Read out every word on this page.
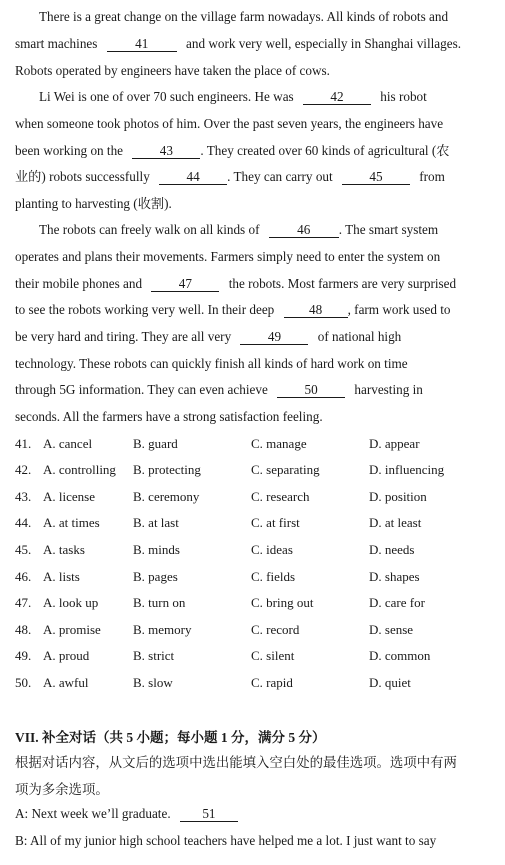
There is a great change on the village farm nowadays. All kinds of robots and
smart machines	41	and work very well, especially in Shanghai villages.
Robots operated by engineers have taken the place of cows.
Li Wei is one of over 70 such engineers. He was	42	his robot
when someone took photos of him. Over the past seven years, the engineers have
been working on the	43 . They created over 60 kinds of agricultural (农
业的) robots successfully	44 . They can carry out	45	from
planting to harvesting (收割).
The robots can freely walk on all kinds of	46 . The smart system
operates and plans their movements. Farmers simply need to enter the system on
their mobile phones and	47	the robots. Most farmers are very surprised
to see the robots working very well. In their deep	48 , farm work used to
be very hard and tiring. They are all very	49	of national high
technology. These robots can quickly finish all kinds of hard work on time
through 5G information. They can even achieve	50	harvesting in
seconds. All the farmers have a strong satisfaction feeling.
41. A. cancel	B. guard	C. manage	D. appear
42. A. controlling B. protecting	C. separating	D. influencing
43. A. license	B. ceremony	C. research	D. position
44. A. at times	B. at last	C. at first	D. at least
45. A. tasks	B. minds	C. ideas	D. needs
46. A. lists	B. pages	C. fields	D. shapes
47. A. look up	B. turn on	C. bring out	D. care for
48. A. promise B. memory	C. record	D. sense
49. A. proud	B. strict	C. silent	D. common
50. A. awful	B. slow	C. rapid	D. quiet
VII. 补全对话（共 5 小题；每小题 1 分，满分 5 分）
根据对话内容，从文后的选项中选出能填入空白处的最佳选项。选项中有两
项为多余选项。
A: Next week we’ll graduate. 51
B: All of my junior high school teachers have helped me a lot. I just want to say
